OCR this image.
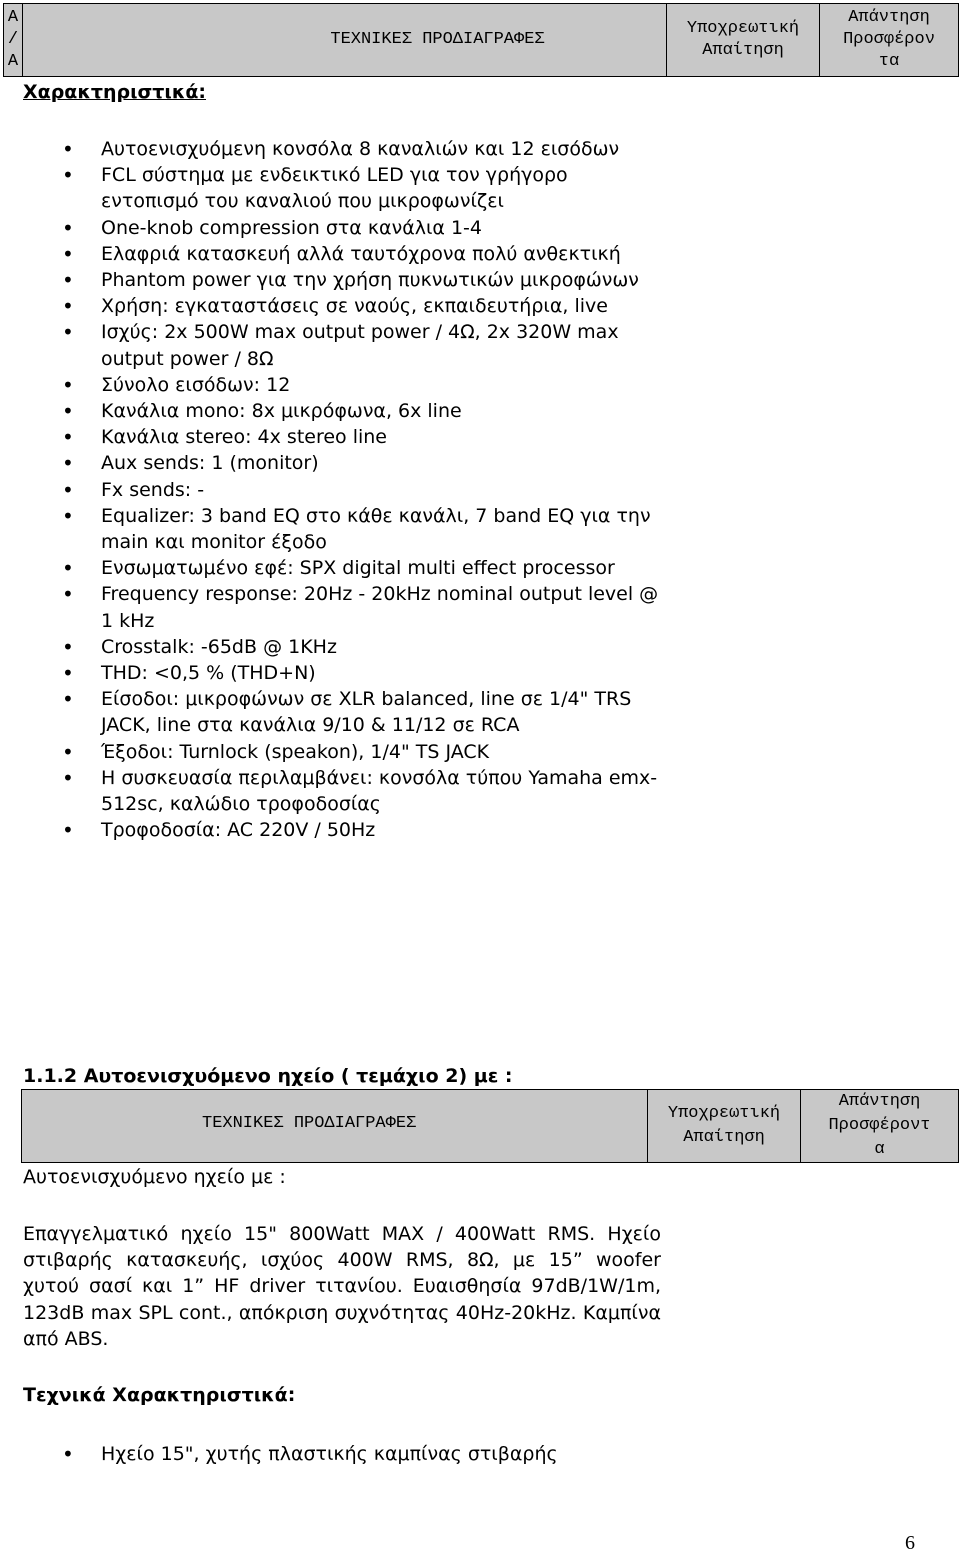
Α
/
Α
ΤΕΧΝΙΚΕΣ ΠΡΟΔΙΑΓΡΑΦΕΣ
Υποχρεωτική
Απαίτηση
Απάντηση
Προσφέρον
τα
Χαρακτηριστικά:
• Αυτοενισχυόμενη κονσόλα 8 καναλιών και 12 εισόδων
• FCL σύστημα με ενδεικτικό LED για τον γρήγορο εντοπισμό του καναλιού που μικροφωνίζει
• One-knob compression στα κανάλια 1-4
• Ελαφριά κατασκευή αλλά ταυτόχρονα πολύ ανθεκτική
• Phantom power για την χρήση πυκνωτικών μικροφώνων
• Χρήση: εγκαταστάσεις σε ναούς, εκπαιδευτήρια, live
• Ισχύς: 2x 500W max output power / 4Ω, 2x 320W max output power / 8Ω
• Σύνολο εισόδων: 12
• Κανάλια mono: 8x μικρόφωνα, 6x line
• Κανάλια stereo: 4x stereo line
• Aux sends: 1 (monitor)
• Fx sends: -
• Equalizer: 3 band EQ στο κάθε κανάλι, 7 band EQ για την main και monitor έξοδο
• Ενσωματωμένο εφέ: SPX digital multi effect processor
• Frequency response: 20Hz - 20kHz nominal output level @ 1 kHz
• Crosstalk: -65dB @ 1KHz
• THD: <0,5 % (THD+N)
• Είσοδοι: μικροφώνων σε XLR balanced, line σε 1/4" TRS JACK, line στα κανάλια 9/10 & 11/12 σε RCA
• Έξοδοι: Turnlock (speakon), 1/4" TS JACK
• Η συσκευασία περιλαμβάνει: κονσόλα τύπου Yamaha emx-512sc, καλώδιο τροφοδοσίας
• Τροφοδοσία: AC 220V / 50Hz
1.1.2 Αυτοενισχυόμενο ηχείο ( τεμάχιο 2) με :
ΤΕΧΝΙΚΕΣ ΠΡΟΔΙΑΓΡΑΦΕΣ
Υποχρεωτική
Απαίτηση
Απάντηση
Προσφέροντ
α
Αυτοενισχυόμενο ηχείο με :
Επαγγελματικό ηχείο 15" 800Watt MAX / 400Watt RMS. Ηχείο στιβαρής κατασκευής, ισχύος 400W RMS, 8Ω, με 15” woofer χυτού σασί και 1” HF driver τιτανίου. Ευαισθησία 97dB/1W/1m, 123dB max SPL cont., απόκριση συχνότητας 40Hz-20kHz. Καμπίνα από ABS.
Τεχνικά Χαρακτηριστικά:
• Ηχείο 15", χυτής πλαστικής καμπίνας στιβαρής
6
